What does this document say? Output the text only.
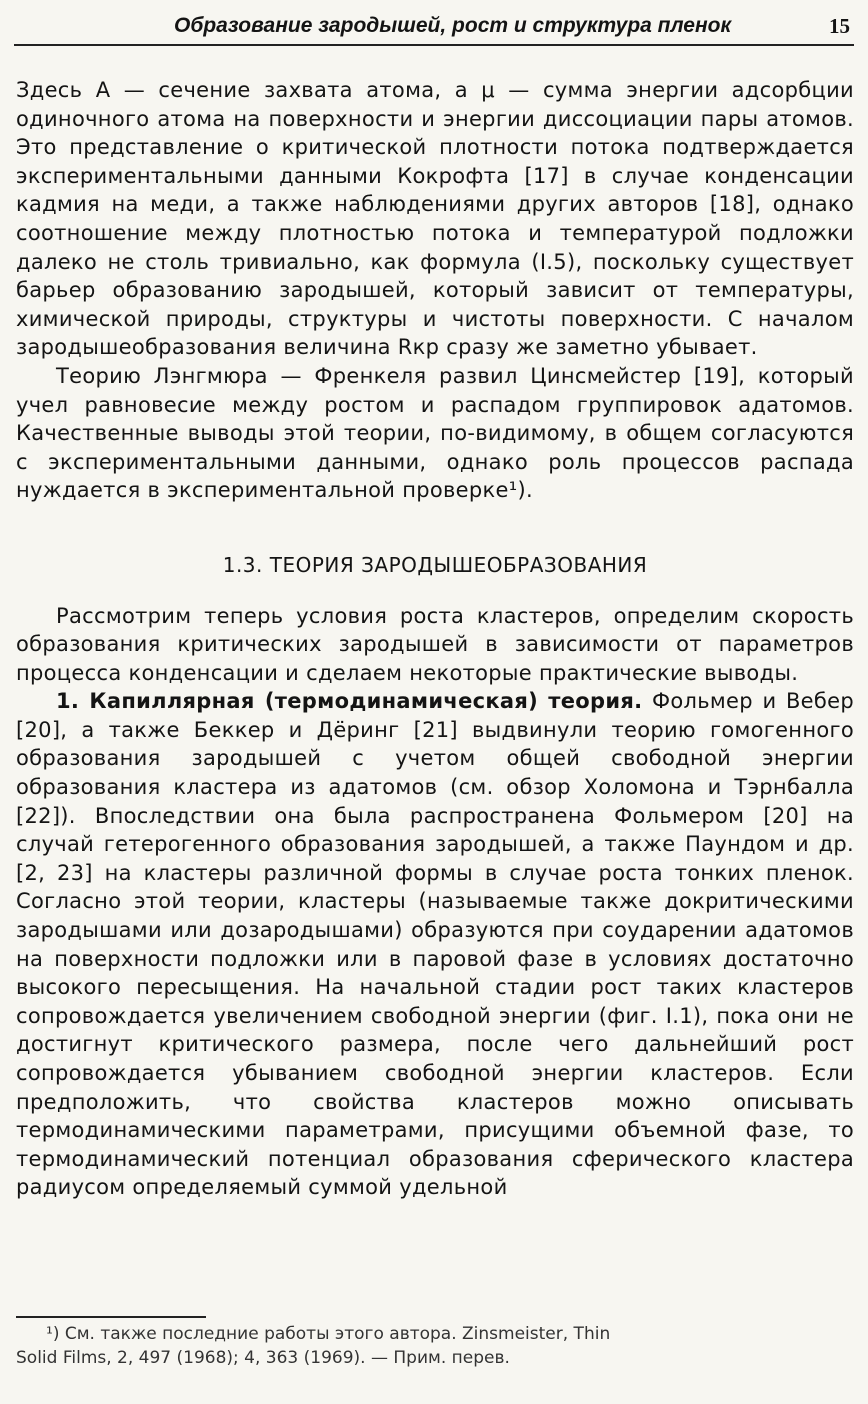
Образование зародышей, рост и структура пленок	15

Здесь A — сечение захвата атома, а μ — сумма энергии адсорбции одиночного атома на поверхности и энергии диссоциации пары атомов. Это представление о критической плотности потока подтверждается экспериментальными данными Кокрофта [17] в случае конденсации кадмия на меди, а также наблюдениями других авторов [18], однако соотношение между плотностью потока и температурой подложки далеко не столь тривиально, как формула (I.5), поскольку существует барьер образованию зародышей, который зависит от температуры, химической природы, структуры и чистоты поверхности. С началом зародышеобразования величина Rкр сразу же заметно убывает.

Теорию Лэнгмюра — Френкеля развил Цинсмейстер [19], который учел равновесие между ростом и распадом группировок адатомов. Качественные выводы этой теории, по-видимому, в общем согласуются с экспериментальными данными, однако роль процессов распада нуждается в экспериментальной проверке¹).

1.3. ТЕОРИЯ ЗАРОДЫШЕОБРАЗОВАНИЯ

Рассмотрим теперь условия роста кластеров, определим скорость образования критических зародышей в зависимости от параметров процесса конденсации и сделаем некоторые практические выводы.

1. Капиллярная (термодинамическая) теория. Фольмер и Вебер [20], а также Беккер и Дёринг [21] выдвинули теорию гомогенного образования зародышей с учетом общей свободной энергии образования кластера из адатомов (см. обзор Холомона и Тэрнбалла [22]). Впоследствии она была распространена Фольмером [20] на случай гетерогенного образования зародышей, а также Паундом и др. [2, 23] на кластеры различной формы в случае роста тонких пленок. Согласно этой теории, кластеры (называемые также докритическими зародышами или дозародышами) образуются при соударении адатомов на поверхности подложки или в паровой фазе в условиях достаточно высокого пересыщения. На начальной стадии рост таких кластеров сопровождается увеличением свободной энергии (фиг. I.1), пока они не достигнут критического размера, после чего дальнейший рост сопровождается убыванием свободной энергии кластеров. Если предположить, что свойства кластеров можно описывать термодинамическими параметрами, присущими объемной фазе, то термодинамический потенциал образования сферического кластера радиусом определяемый суммой удельной

¹) См. также последние работы этого автора. Zinsmeister, Thin

Solid Films, 2, 497 (1968); 4, 363 (1969). — Прим. перев.
